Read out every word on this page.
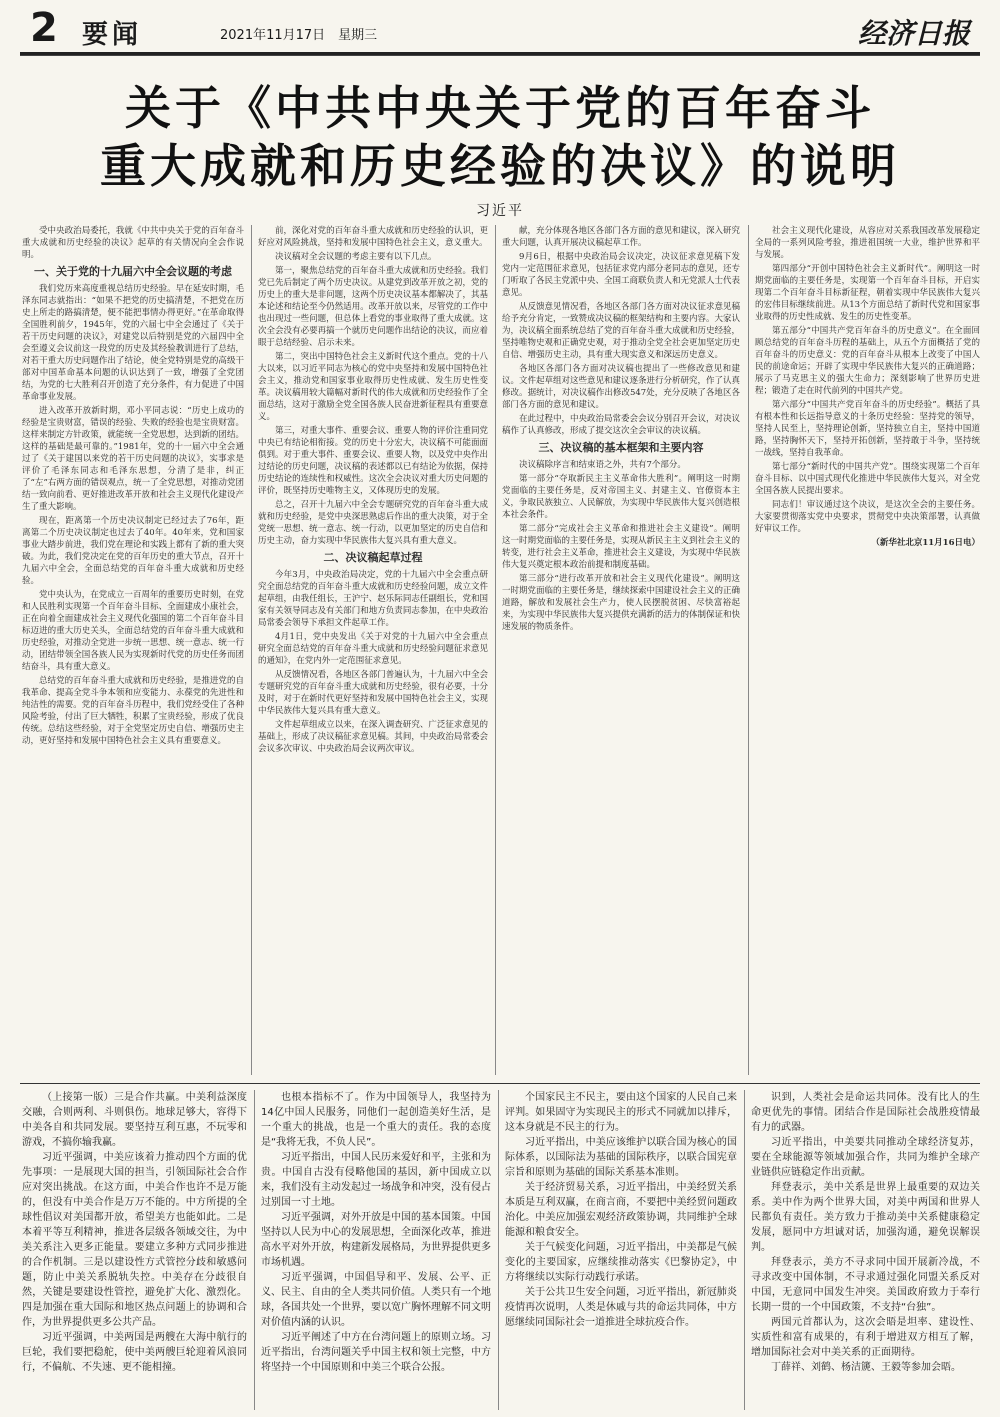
2 要闻	2021年11月17日　星期三	经济日报
关于《中共中央关于党的百年奋斗
重大成就和历史经验的决议》的说明
习近平

受中央政治局委托，我就《中共中央关于党的百年奋斗重大成就和历史经验的决议》起草的有关情况向全会作说明。

一、关于党的十九届六中全会议题的考虑

我们党历来高度重视总结历史经验。早在延安时期，毛泽东同志就指出：“如果不把党的历史搞清楚，不把党在历史上所走的路搞清楚，便不能把事情办得更好。”在革命取得全国胜利前夕，1945年，党的六届七中全会通过了《关于若干历史问题的决议》，对建党以后特别是党的六届四中全会至遵义会议前这一段党的历史及其经验教训进行了总结，对若干重大历史问题作出了结论，使全党特别是党的高级干部对中国革命基本问题的认识达到了一致，增强了全党团结，为党的七大胜利召开创造了充分条件，有力促进了中国革命事业发展。

进入改革开放新时期，邓小平同志说：“历史上成功的经验是宝贵财富，错误的经验、失败的经验也是宝贵财富。这样来制定方针政策，就能统一全党思想，达到新的团结。这样的基础是最可靠的。”1981年，党的十一届六中全会通过了《关于建国以来党的若干历史问题的决议》，实事求是评价了毛泽东同志和毛泽东思想，分清了是非，纠正了“左”右两方面的错误观点，统一了全党思想，对推动党团结一致向前看、更好推进改革开放和社会主义现代化建设产生了重大影响。

现在，距离第一个历史决议制定已经过去了76年，距离第二个历史决议制定也过去了40年。40年来，党和国家事业大踏步前进，我们党在理论和实践上都有了新的重大突破。为此，我们党决定在党的百年历史的重大节点，召开十九届六中全会，全面总结党的百年奋斗重大成就和历史经验。

党中央认为，在党成立一百周年的重要历史时刻，在党和人民胜利实现第一个百年奋斗目标、全面建成小康社会，正在向着全面建成社会主义现代化强国的第二个百年奋斗目标迈进的重大历史关头，全面总结党的百年奋斗重大成就和历史经验，对推动全党进一步统一思想、统一意志、统一行动，团结带领全国各族人民为实现新时代党的历史任务而团结奋斗，具有重大意义。

总结党的百年奋斗重大成就和历史经验，是推进党的自我革命、提高全党斗争本领和应变能力、永葆党的先进性和纯洁性的需要。党的百年奋斗历程中，我们党经受住了各种风险考验，付出了巨大牺牲，积累了宝贵经验，形成了优良传统。总结这些经验，对于全党坚定历史自信、增强历史主动，更好坚持和发展中国特色社会主义具有重要意义。

前，深化对党的百年奋斗重大成就和历史经验的认识，更好应对风险挑战，坚持和发展中国特色社会主义，意义重大。

决议稿对全会议题的考虑主要有以下几点。

第一，聚焦总结党的百年奋斗重大成就和历史经验。我们党已先后制定了两个历史决议。从建党到改革开放之初，党的历史上的重大是非问题，这两个历史决议基本都解决了，其基本论述和结论至今仍然适用。改革开放以来，尽管党的工作中也出现过一些问题，但总体上看党的事业取得了重大成就。这次全会没有必要再搞一个就历史问题作出结论的决议，而应着眼于总结经验、启示未来。

第二，突出中国特色社会主义新时代这个重点。党的十八大以来，以习近平同志为核心的党中央坚持和发展中国特色社会主义，推动党和国家事业取得历史性成就、发生历史性变革。决议稿用较大篇幅对新时代的伟大成就和历史经验作了全面总结，这对于激励全党全国各族人民奋进新征程具有重要意义。

第三，对重大事件、重要会议、重要人物的评价注重同党中央已有结论相衔接。党的历史十分宏大，决议稿不可能面面俱到。对于重大事件、重要会议、重要人物，以及党中央作出过结论的历史问题，决议稿的表述都以已有结论为依据，保持历史结论的连续性和权威性。这次全会决议对重大历史问题的评价，既坚持历史唯物主义，又体现历史的发展。

总之，召开十九届六中全会专题研究党的百年奋斗重大成就和历史经验，是党中央深思熟虑后作出的重大决策，对于全党统一思想、统一意志、统一行动，以更加坚定的历史自信和历史主动，奋力实现中华民族伟大复兴具有重大意义。

二、决议稿起草过程

今年3月，中央政治局决定，党的十九届六中全会重点研究全面总结党的百年奋斗重大成就和历史经验问题，成立文件起草组，由我任组长，王沪宁、赵乐际同志任副组长，党和国家有关领导同志及有关部门和地方负责同志参加，在中央政治局常委会领导下承担文件起草工作。

4月1日，党中央发出《关于对党的十九届六中全会重点研究全面总结党的百年奋斗重大成就和历史经验问题征求意见的通知》，在党内外一定范围征求意见。

从反馈情况看，各地区各部门普遍认为，十九届六中全会专题研究党的百年奋斗重大成就和历史经验，很有必要，十分及时，对于在新时代更好坚持和发展中国特色社会主义，实现中华民族伟大复兴具有重大意义。

文件起草组成立以来，在深入调查研究、广泛征求意见的基础上，形成了决议稿征求意见稿。其间，中央政治局常委会会议多次审议、中央政治局会议两次审议。

献，充分体现各地区各部门各方面的意见和建议，深入研究重大问题，认真开展决议稿起草工作。

9月6日，根据中央政治局会议决定，决议征求意见稿下发党内一定范围征求意见，包括征求党内部分老同志的意见，还专门听取了各民主党派中央、全国工商联负责人和无党派人士代表意见。

从反馈意见情况看，各地区各部门各方面对决议征求意见稿给予充分肯定，一致赞成决议稿的框架结构和主要内容。大家认为，决议稿全面系统总结了党的百年奋斗重大成就和历史经验，坚持唯物史观和正确党史观，对于推动全党全社会更加坚定历史自信、增强历史主动，具有重大现实意义和深远历史意义。

各地区各部门各方面对决议稿也提出了一些修改意见和建议。文件起草组对这些意见和建议逐条进行分析研究，作了认真修改。据统计，对决议稿作出修改547处，充分反映了各地区各部门各方面的意见和建议。

在此过程中，中央政治局常委会会议分别召开会议，对决议稿作了认真修改，形成了提交这次全会审议的决议稿。

三、决议稿的基本框架和主要内容

决议稿除序言和结束语之外，共有7个部分。

第一部分“夺取新民主主义革命伟大胜利”。阐明这一时期党面临的主要任务是，反对帝国主义、封建主义、官僚资本主义，争取民族独立、人民解放，为实现中华民族伟大复兴创造根本社会条件。

第二部分“完成社会主义革命和推进社会主义建设”。阐明这一时期党面临的主要任务是，实现从新民主主义到社会主义的转变，进行社会主义革命，推进社会主义建设，为实现中华民族伟大复兴奠定根本政治前提和制度基础。

第三部分“进行改革开放和社会主义现代化建设”。阐明这一时期党面临的主要任务是，继续探索中国建设社会主义的正确道路，解放和发展社会生产力，使人民摆脱贫困、尽快富裕起来，为实现中华民族伟大复兴提供充满新的活力的体制保证和快速发展的物质条件。

社会主义现代化建设，从容应对关系我国改革发展稳定全局的一系列风险考验，推进祖国统一大业，维护世界和平与发展。

第四部分“开创中国特色社会主义新时代”。阐明这一时期党面临的主要任务是，实现第一个百年奋斗目标，开启实现第二个百年奋斗目标新征程，朝着实现中华民族伟大复兴的宏伟目标继续前进。从13个方面总结了新时代党和国家事业取得的历史性成就、发生的历史性变革。

第五部分“中国共产党百年奋斗的历史意义”。在全面回顾总结党的百年奋斗历程的基础上，从五个方面概括了党的百年奋斗的历史意义：党的百年奋斗从根本上改变了中国人民的前途命运；开辟了实现中华民族伟大复兴的正确道路；展示了马克思主义的强大生命力；深刻影响了世界历史进程；锻造了走在时代前列的中国共产党。

第六部分“中国共产党百年奋斗的历史经验”。概括了具有根本性和长远指导意义的十条历史经验：坚持党的领导，坚持人民至上，坚持理论创新，坚持独立自主，坚持中国道路，坚持胸怀天下，坚持开拓创新，坚持敢于斗争，坚持统一战线，坚持自我革命。

第七部分“新时代的中国共产党”。围绕实现第二个百年奋斗目标、以中国式现代化推进中华民族伟大复兴，对全党全国各族人民提出要求。

同志们！审议通过这个决议，是这次全会的主要任务。大家要贯彻落实党中央要求，贯彻党中央决策部署，认真做好审议工作。

（新华社北京11月16日电）

（上接第一版）三是合作共赢。中美利益深度交融，合则两利、斗则俱伤。地球足够大，容得下中美各自和共同发展。要坚持互利互惠，不玩零和游戏，不搞你输我赢。

习近平强调，中美应该着力推动四个方面的优先事项：一是展现大国的担当，引领国际社会合作应对突出挑战。在这方面，中美合作也许不是万能的，但没有中美合作是万万不能的。中方所提的全球性倡议对美国都开放，希望美方也能如此。二是本着平等互利精神，推进各层级各领域交往，为中美关系注入更多正能量。要建立多种方式同步推进的合作机制。三是以建设性方式管控分歧和敏感问题，防止中美关系脱轨失控。中美存在分歧很自然，关键是要建设性管控，避免扩大化、激烈化。四是加强在重大国际和地区热点问题上的协调和合作，为世界提供更多公共产品。

习近平强调，中美两国是两艘在大海中航行的巨轮，我们要把稳舵，使中美两艘巨轮迎着风浪同行，不偏航、不失速、更不能相撞。

也根本指标不了。作为中国领导人，我坚持为14亿中国人民服务，同他们一起创造美好生活，是一个重大的挑战，也是一个重大的责任。我的态度是“我将无我，不负人民”。

习近平指出，中国人民历来爱好和平，主张和为贵。中国自古没有侵略他国的基因，新中国成立以来，我们没有主动发起过一场战争和冲突，没有侵占过别国一寸土地。

习近平强调，对外开放是中国的基本国策。中国坚持以人民为中心的发展思想，全面深化改革，推进高水平对外开放，构建新发展格局，为世界提供更多市场机遇。

习近平强调，中国倡导和平、发展、公平、正义、民主、自由的全人类共同价值。人类只有一个地球，各国共处一个世界，要以宽广胸怀理解不同文明对价值内涵的认识。

习近平阐述了中方在台湾问题上的原则立场。习近平指出，台湾问题关乎中国主权和领土完整，中方将坚持一个中国原则和中美三个联合公报。

个国家民主不民主，要由这个国家的人民自己来评判。如果固守为实现民主的形式不同就加以排斥，这本身就是不民主的行为。

习近平指出，中美应该维护以联合国为核心的国际体系，以国际法为基础的国际秩序，以联合国宪章宗旨和原则为基础的国际关系基本准则。

关于经济贸易关系，习近平指出，中美经贸关系本质是互利双赢，在商言商，不要把中美经贸问题政治化。中美应加强宏观经济政策协调，共同维护全球能源和粮食安全。

关于气候变化问题，习近平指出，中美都是气候变化的主要国家，应继续推动落实《巴黎协定》，中方将继续以实际行动践行承诺。

关于公共卫生安全问题，习近平指出，新冠肺炎疫情再次说明，人类是休戚与共的命运共同体，中方愿继续同国际社会一道推进全球抗疫合作。

识到，人类社会是命运共同体。没有比人的生命更优先的事情。团结合作是国际社会战胜疫情最有力的武器。

习近平指出，中美要共同推动全球经济复苏，要在全球能源等领域加强合作，共同为维护全球产业链供应链稳定作出贡献。

拜登表示，美中关系是世界上最重要的双边关系。美中作为两个世界大国，对美中两国和世界人民都负有责任。美方致力于推动美中关系健康稳定发展，愿同中方坦诚对话，加强沟通，避免误解误判。

拜登表示，美方不寻求同中国开展新冷战，不寻求改变中国体制，不寻求通过强化同盟关系反对中国，无意同中国发生冲突。美国政府致力于奉行长期一贯的一个中国政策，不支持“台独”。

两国元首都认为，这次会晤是坦率、建设性、实质性和富有成果的，有利于增进双方相互了解，增加国际社会对中美关系的正面期待。

丁薛祥、刘鹤、杨洁篪、王毅等参加会晤。
